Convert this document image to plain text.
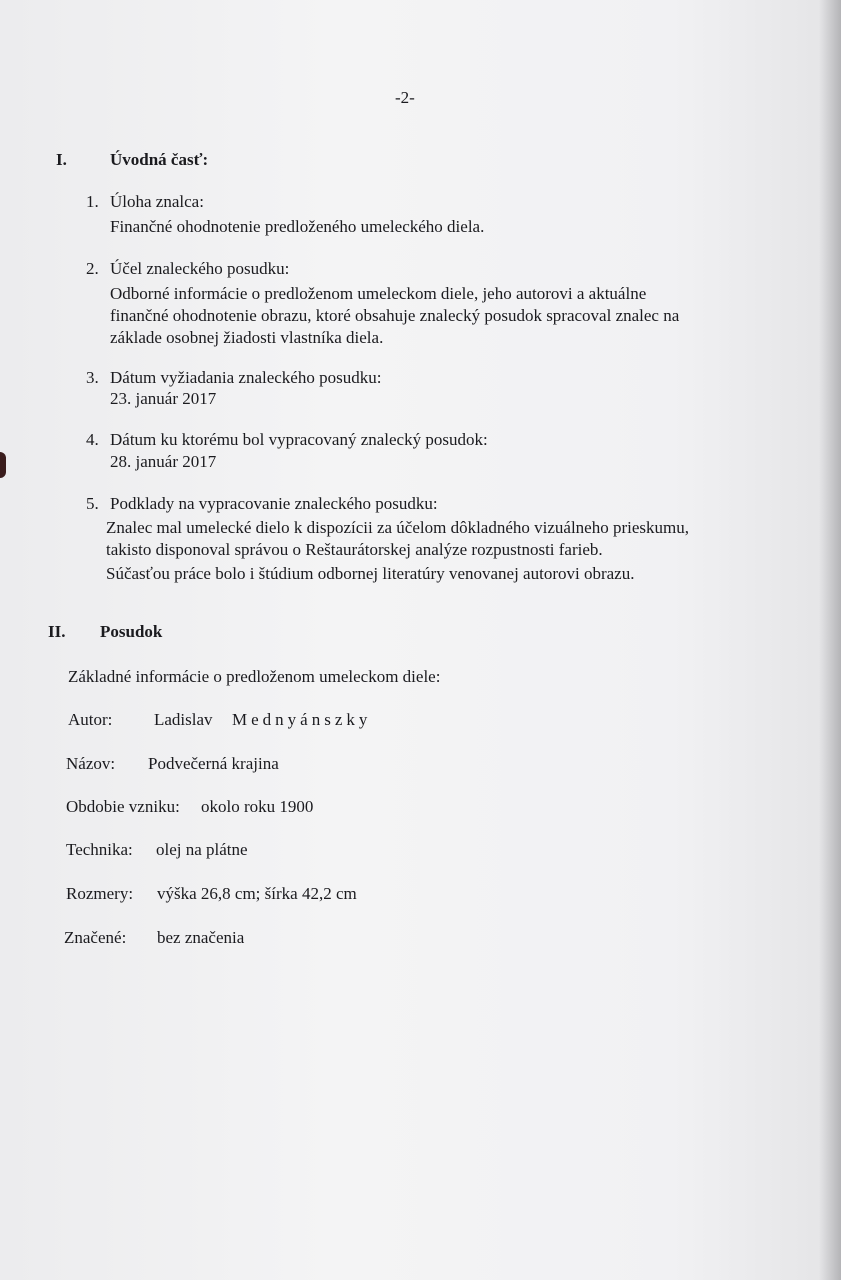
-2-
I.	Úvodná časť:
1. Úloha znalca:
Finančné ohodnotenie predloženého umeleckého diela.
2. Účel znaleckého posudku:
Odborné informácie o predloženom umeleckom diele, jeho autorovi a aktuálne
finančné ohodnotenie obrazu, ktoré obsahuje znalecký posudok spracoval znalec na
základe osobnej žiadosti vlastníka diela.
3. Dátum vyžiadania znaleckého posudku:
23. január 2017
4. Dátum ku ktorému bol vypracovaný znalecký posudok:
28. január 2017
5. Podklady na vypracovanie znaleckého posudku:
Znalec mal umelecké dielo k dispozícii za účelom dôkladného vizuálneho prieskumu,
takisto disponoval správou o Reštaurátorskej analýze rozpustnosti farieb.
Súčasťou práce bolo i štúdium odbornej literatúry venovanej autorovi obrazu.
II. Posudok
Základné informácie o predloženom umeleckom diele:
Autor: Ladislav Mednyánszky
Názov: Podvečerná krajina
Obdobie vzniku: okolo roku 1900
Technika: olej na plátne
Rozmery: výška 26,8 cm; šírka 42,2 cm
Značené: bez značenia
